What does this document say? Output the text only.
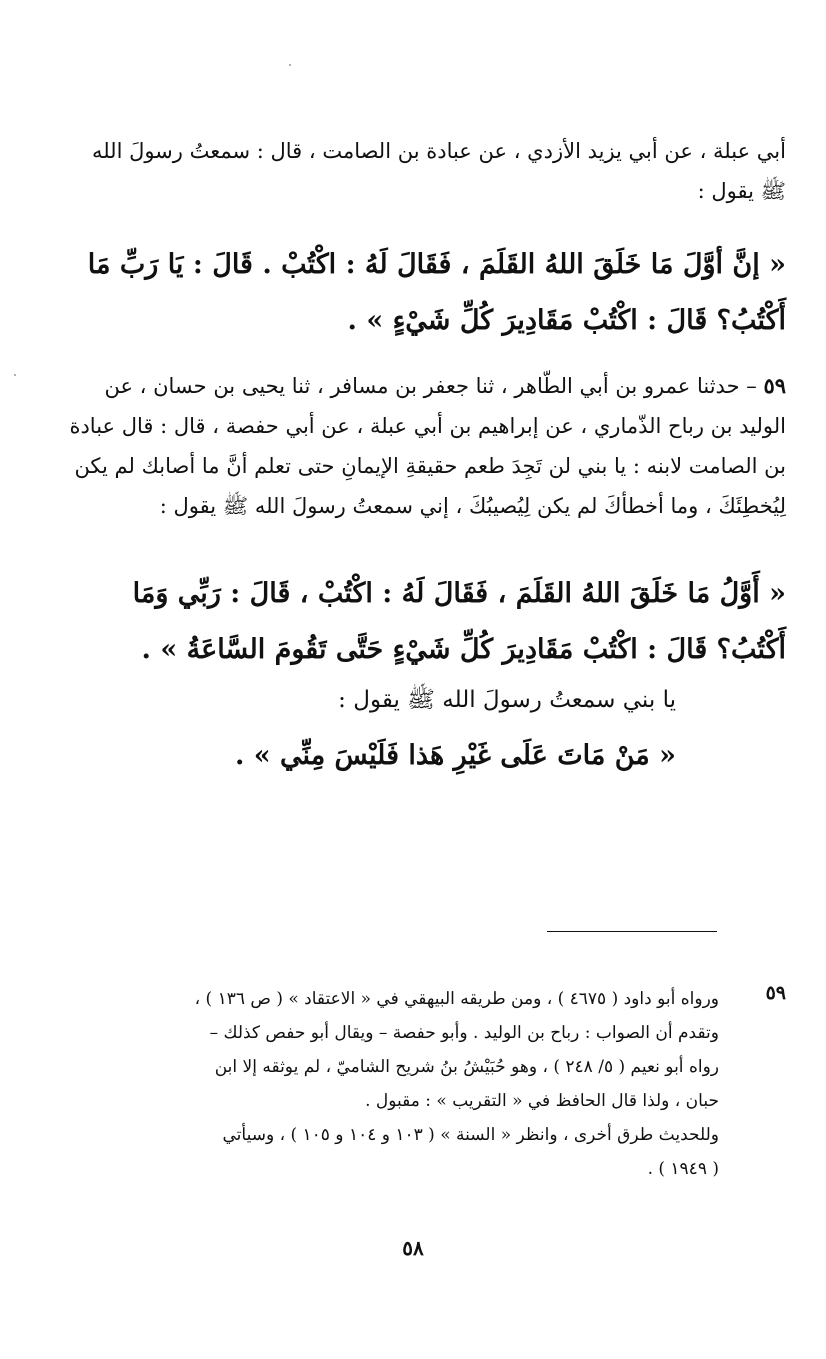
أبي عبلة ، عن أبي يزيد الأزدي ، عن عبادة بن الصامت ، قال : سمعتُ رسولَ الله
ﷺ يقول :
« إنَّ أوَّلَ مَا خَلَقَ اللهُ القَلَمَ ، فَقَالَ لَهُ : اكْتُبْ . قَالَ : يَا رَبِّ مَا
أَكْتُبُ؟ قَالَ : اكْتُبْ مَقَادِيرَ كُلِّ شَيْءٍ » .
٥٩ – حدثنا عمرو بن أبي الطّاهر ، ثنا جعفر بن مسافر ، ثنا يحيى بن حسان ، عن
الوليد بن رباح الذّماري ، عن إبراهيم بن أبي عبلة ، عن أبي حفصة ، قال : قال عبادة
بن الصامت لابنه : يا بني لن تَجِدَ طعم حقيقةِ الإيمانِ حتى تعلم أنَّ ما أصابك لم يكن
لِيُخطِئَكَ ، وما أخطأكَ لم يكن لِيُصيبُكَ ، إني سمعتُ رسولَ الله ﷺ يقول :
« أَوَّلُ مَا خَلَقَ اللهُ القَلَمَ ، فَقَالَ لَهُ : اكْتُبْ ، قَالَ : رَبِّي وَمَا
أَكْتُبُ؟ قَالَ : اكْتُبْ مَقَادِيرَ كُلِّ شَيْءٍ حَتَّى تَقُومَ السَّاعَةُ » .
يا بني سمعتُ رسولَ الله ﷺ يقول :
« مَنْ مَاتَ عَلَى غَيْرِ هَذا فَلَيْسَ مِنِّي » .
٥٩
ورواه أبو داود ( ٤٦٧٥ ) ، ومن طريقه البيهقي في « الاعتقاد » ( ص ١٣٦ ) ،
وتقدم أن الصواب : رباح بن الوليد . وأبو حفصة – ويقال أبو حفص كذلك –
رواه أبو نعيم ( ٥/ ٢٤٨ ) ، وهو حُبَيْشُ بنُ شريح الشاميّ ، لم يوثقه إلا ابن
حبان ، ولذا قال الحافظ في « التقريب » : مقبول .
وللحديث طرق أخرى ، وانظر « السنة » ( ١٠٣ و ١٠٤ و ١٠٥ ) ، وسيأتي
( ١٩٤٩ ) .
٥٨
